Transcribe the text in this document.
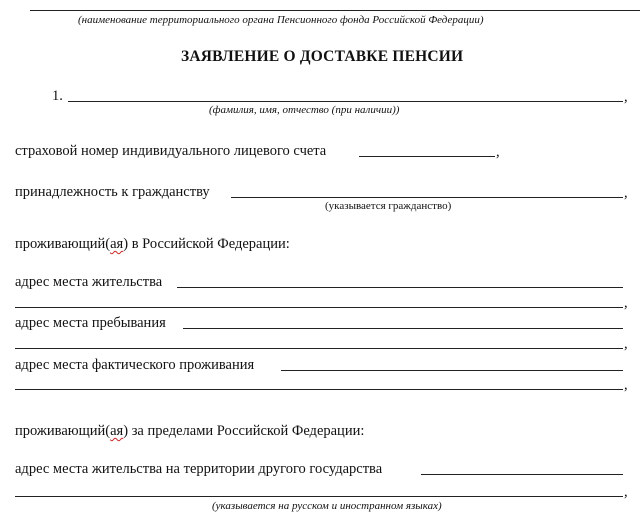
(наименование территориального органа Пенсионного фонда Российской Федерации)
ЗАЯВЛЕНИЕ О ДОСТАВКЕ ПЕНСИИ
1.	,
(фамилия, имя, отчество (при наличии))
страховой номер индивидуального лицевого счета	,
принадлежность к гражданству	,
(указывается гражданство)
проживающий(ая) в Российской Федерации:
адрес места жительства
,
адрес места пребывания
,
адрес места фактического проживания
,
проживающий(ая) за пределами Российской Федерации:
адрес места жительства на территории другого государства
,
(указывается на русском и иностранном языках)
